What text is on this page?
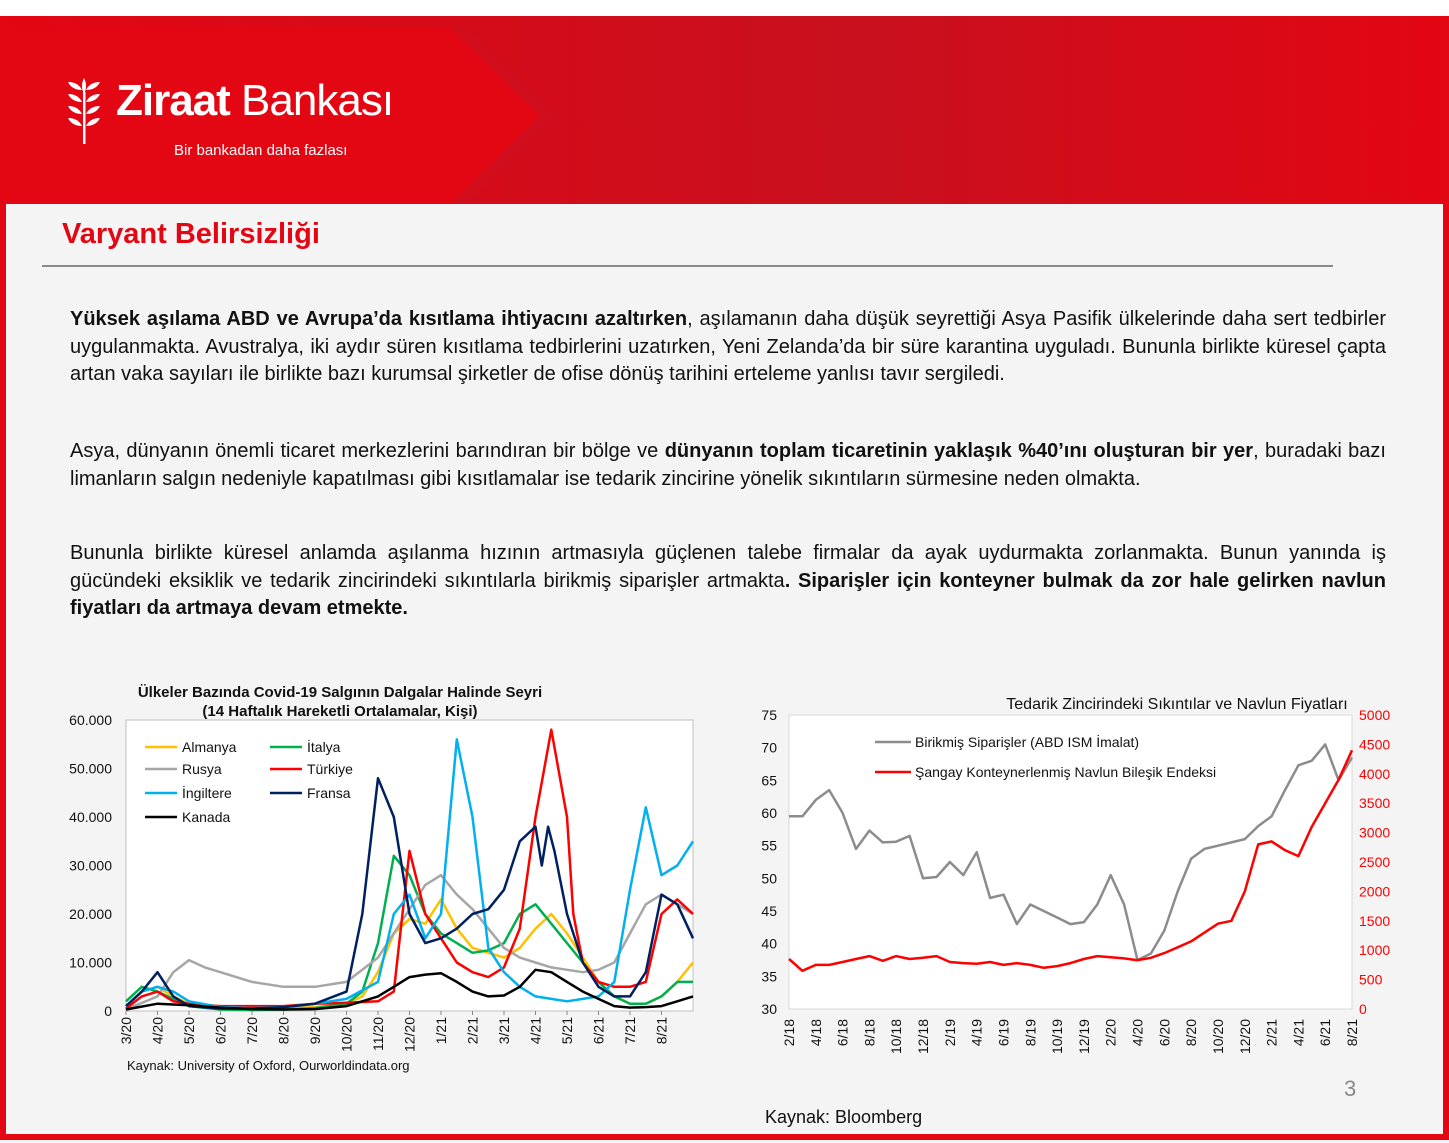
Ziraat Bankası
Bir bankadan daha fazlası
Varyant Belirsizliği

Yüksek aşılama ABD ve Avrupa’da kısıtlama ihtiyacını azaltırken, aşılamanın daha düşük seyrettiği Asya Pasifik ülkelerinde daha sert tedbirler uygulanmakta. Avustralya, iki aydır süren kısıtlama tedbirlerini uzatırken, Yeni Zelanda’da bir süre karantina uyguladı. Bununla birlikte küresel çapta artan vaka sayıları ile birlikte bazı kurumsal şirketler de ofise dönüş tarihini erteleme yanlısı tavır sergiledi.

Asya, dünyanın önemli ticaret merkezlerini barındıran bir bölge ve dünyanın toplam ticaretinin yaklaşık %40’ını oluşturan bir yer, buradaki bazı limanların salgın nedeniyle kapatılması gibi kısıtlamalar ise tedarik zincirine yönelik sıkıntıların sürmesine neden olmakta.

Bununla birlikte küresel anlamda aşılanma hızının artmasıyla güçlenen talebe firmalar da ayak uydurmakta zorlanmakta. Bunun yanında iş gücündeki eksiklik ve tedarik zincirindeki sıkıntılarla birikmiş siparişler artmakta. Siparişler için konteyner bulmak da zor hale gelirken navlun fiyatları da artmaya devam etmekte.

Ülkeler Bazında Covid-19 Salgının Dalgalar Halinde Seyri
(14 Haftalık Hareketli Ortalamalar, Kişi)
0
10.000
20.000
30.000
40.000
50.000
60.000
3/20 4/20 5/20 6/20 7/20 8/20 9/20 10/20 11/20 12/20 1/21 2/21 3/21 4/21 5/21 6/21 7/21 8/21
Almanya	İtalya
Rusya	Türkiye
İngiltere	Fransa
Kanada
Kaynak: University of Oxford, Ourworldindata.org
Tedarik Zincirindeki Sıkıntılar ve Navlun Fiyatları
30
35
40
45
50
55
60
65
70
75
0
500
1000
1500
2000
2500
3000
3500
4000
4500
5000
2/18 4/18 6/18 8/18 10/18 12/18 2/19 4/19 6/19 8/19 10/19 12/19 2/20 4/20 6/20 8/20 10/20 12/20 2/21 4/21 6/21 8/21
Birikmiş Siparişler (ABD ISM İmalat)
Şangay Konteynerlenmiş Navlun Bileşik Endeksi
3
Kaynak: Bloomberg
